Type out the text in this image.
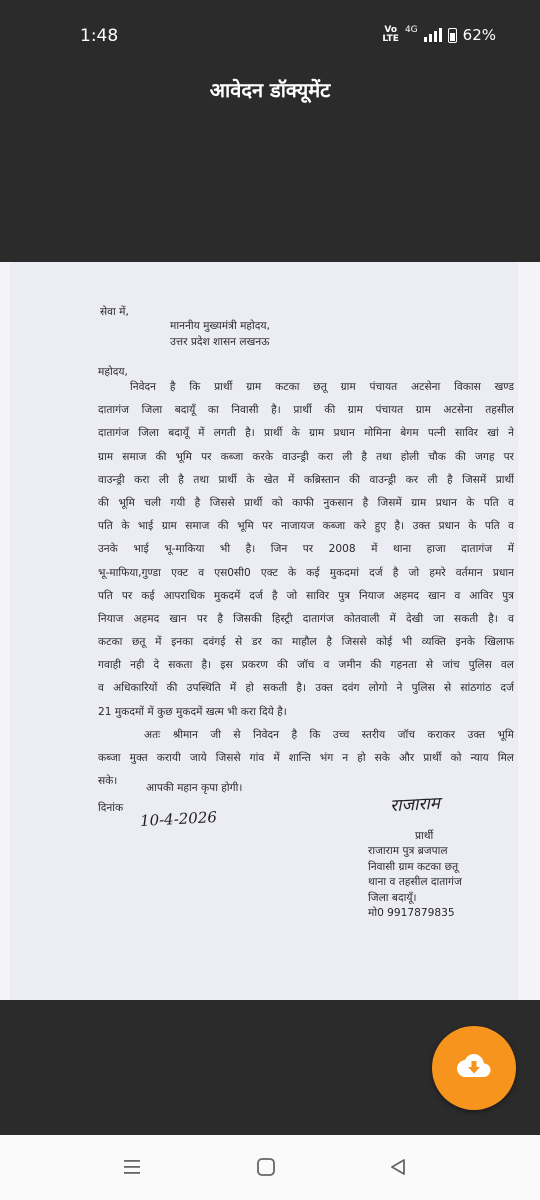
1:48	Vo
LTE
4G	62%
आवेदन डॉक्यूमेंट
सेवा में,
माननीय मुख्यमंत्री महोदय,
उत्तर प्रदेश शासन लखनऊ
महोदय,
निवेदन है कि प्रार्थी ग्राम कटका छतू ग्राम पंचायत अटसेना विकास खण्ड
दातागंज जिला बदायूँ का निवासी है। प्रार्थी की ग्राम पंचायत ग्राम अटसेना तहसील
दातागंज जिला बदायूँ में लगती है। प्रार्थी के ग्राम प्रधान मोमिना बेगम पत्नी साविर खां ने
ग्राम समाज की भूमि पर कब्जा करके वाउन्ड्री करा ली है तथा होली चौक की जगह पर
वाउन्ड्री करा ली है तथा प्रार्थी के खेत में कब्रिस्तान की वाउन्ड्री कर ली है जिसमें प्रार्थी
की भूमि चली गयी है जिससे प्रार्थी को काफी नुकसान है जिसमें ग्राम प्रधान के पति व
पति के भाई ग्राम समाज की भूमि पर नाजायज कब्जा करे हुए है। उक्त प्रधान के पति व
उनके भाई भू-माकिया भी है। जिन पर 2008 में थाना हाजा दातागंज में
भू-माफिया,गुण्डा एक्ट व एस0सी0 एक्ट के कई मुकदमां दर्ज है जो हमरे वर्तमान प्रधान
पति पर कई आपराधिक मुकदमें दर्ज है जो साविर पुत्र नियाज अहमद खान व आविर पुत्र
नियाज अहमद खान पर है जिसकी हिस्ट्री दातागंज कोतवाली में देखी जा सकती है। व
कटका छतू में इनका दवंगई से डर का माहौल है जिससे कोई भी व्यक्ति इनके खिलाफ
गवाही नही दे सकता है। इस प्रकरण की जॉच व जमीन की गहनता से जांच पुलिस वल
व अधिकारियों की उपस्थिति में हो सकती है। उक्त दवंग लोगो ने पुलिस से सांठगांठ दर्ज
21 मुकदमों में कुछ मुकदमें खत्म भी करा दिये है।
अतः श्रीमान जी से निवेदन है कि उच्च स्तरीय जॉच कराकर उक्त भूमि
कब्जा मुक्त करायी जाये जिससे गांव में शान्ति भंग न हो सके और प्रार्थी को न्याय मिल
सके।
आपकी महान कृपा होगी।
दिनांक 10-4-2026
राजाराम
प्रार्थी
राजाराम पुत्र ब्रजपाल
निवासी ग्राम कटका छतू
थाना व तहसील दातागंज
जिला बदायूँ।
मो0 9917879835
